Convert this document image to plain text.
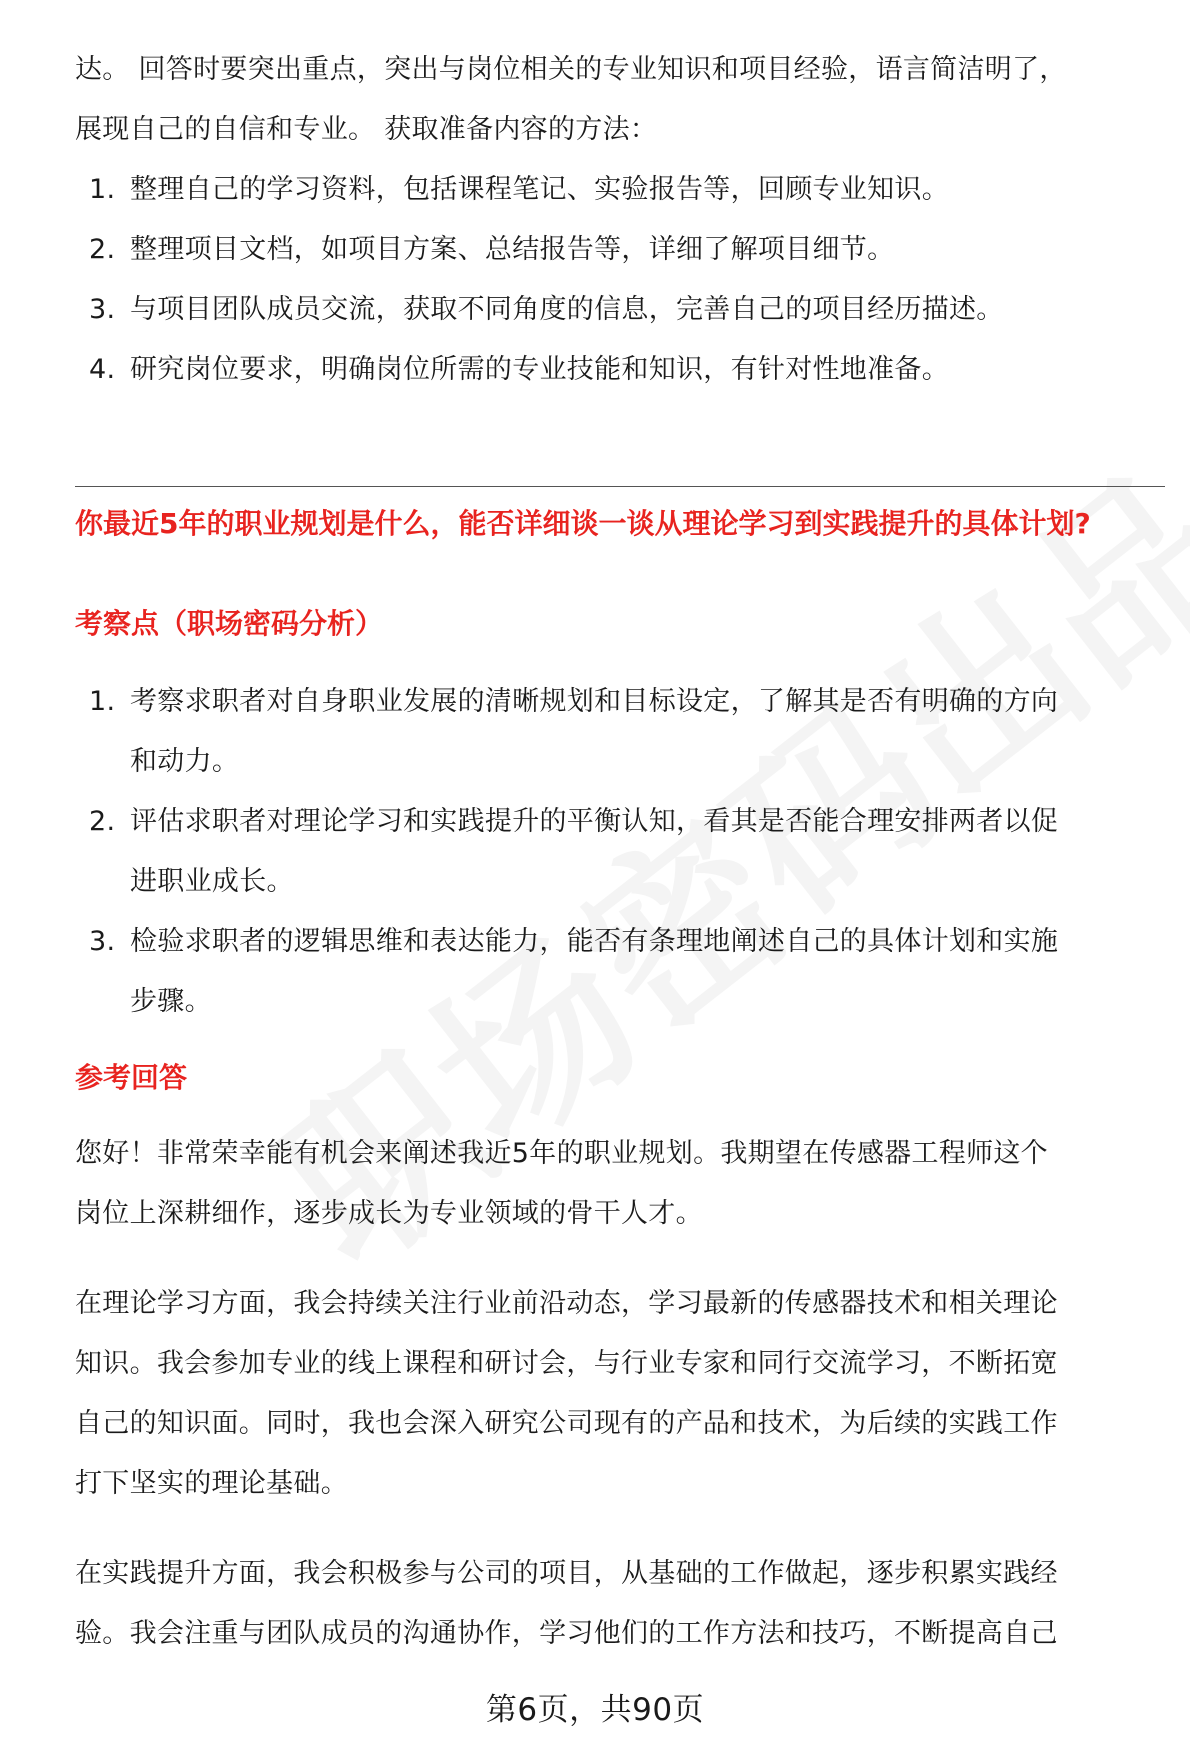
达。 回答时要突出重点，突出与岗位相关的专业知识和项目经验，语言简洁明了，

展现自己的自信和专业。 获取准备内容的方法：

1. 整理自己的学习资料，包括课程笔记、实验报告等，回顾专业知识。
2. 整理项目文档，如项目方案、总结报告等，详细了解项目细节。
3. 与项目团队成员交流，获取不同角度的信息，完善自己的项目经历描述。
4. 研究岗位要求，明确岗位所需的专业技能和知识，有针对性地准备。

你最近5年的职业规划是什么，能否详细谈一谈从理论学习到实践提升的具体计划?

考察点（职场密码分析）

1. 考察求职者对自身职业发展的清晰规划和目标设定，了解其是否有明确的方向
和动力。
2. 评估求职者对理论学习和实践提升的平衡认知，看其是否能合理安排两者以促
进职业成长。
3. 检验求职者的逻辑思维和表达能力，能否有条理地阐述自己的具体计划和实施
步骤。

参考回答

您好！非常荣幸能有机会来阐述我近5年的职业规划。我期望在传感器工程师这个
岗位上深耕细作，逐步成长为专业领域的骨干人才。
在理论学习方面，我会持续关注行业前沿动态，学习最新的传感器技术和相关理论
知识。我会参加专业的线上课程和研讨会，与行业专家和同行交流学习，不断拓宽
自己的知识面。同时，我也会深入研究公司现有的产品和技术，为后续的实践工作
打下坚实的理论基础。
在实践提升方面，我会积极参与公司的项目，从基础的工作做起，逐步积累实践经
验。我会注重与团队成员的沟通协作，学习他们的工作方法和技巧，不断提高自己
第6页，共90页
